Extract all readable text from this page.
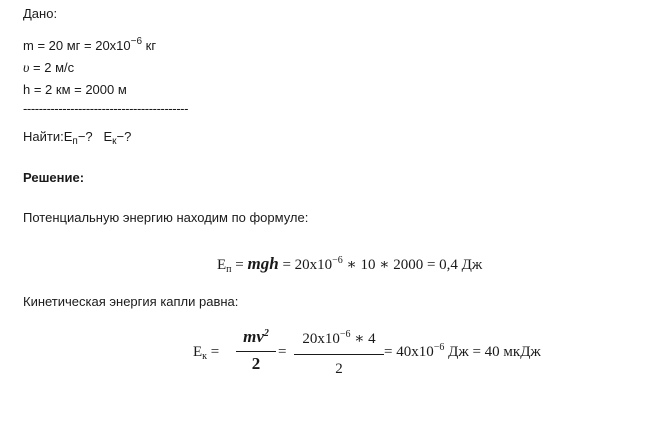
Дано:
m = 20 мг = $20x10^{-6}$ кг
υ = 2 м/с
h = 2 км = 2000 м
------------------------------------------
$Найти:E_п-$? $E_к-$?
Решение:
Потенциальную энергию находим по формуле:
$E_п$ = mgh = $20x10^{-6}$ ∗ 10 ∗ 2000 = 0,4 Дж
Кинетическая энергия капли равна:
$E_к$ =
$mv^2$
2
=
$20x10^{-6}$ ∗ 4
2
= $40x10^{-6}$ Дж = 40 мкДж
